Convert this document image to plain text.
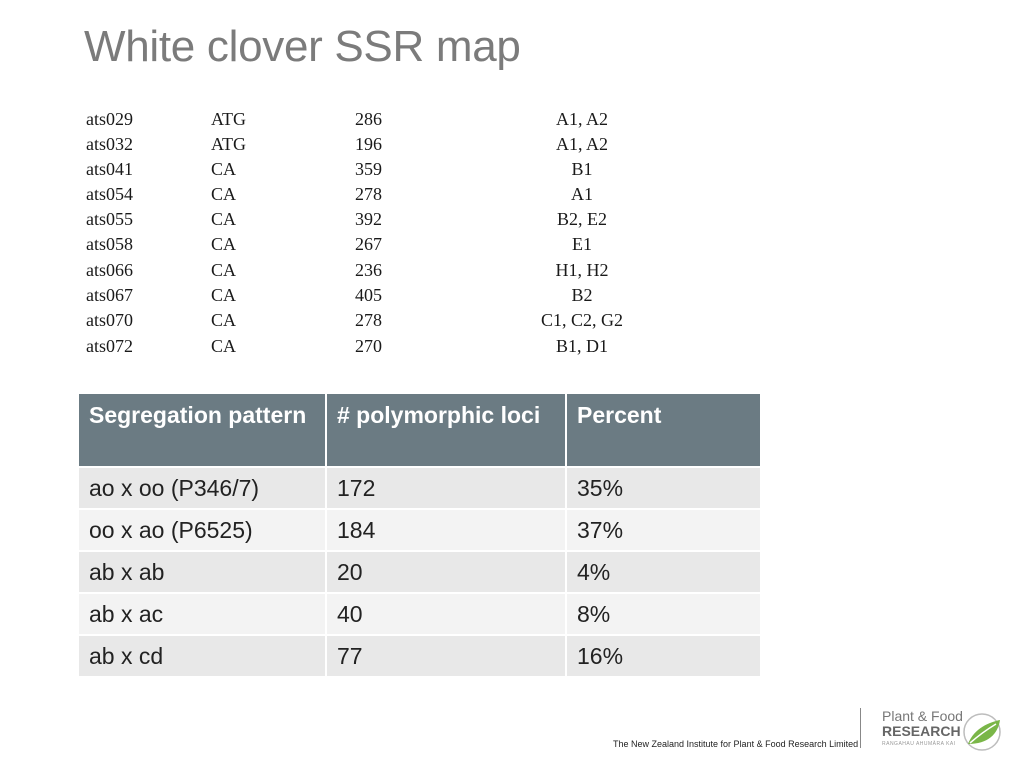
White clover SSR map
ats029	ATG	286	A1, A2
ats032	ATG	196	A1, A2
ats041	CA	359	B1
ats054	CA	278	A1
ats055	CA	392	B2, E2
ats058	CA	267	E1
ats066	CA	236	H1, H2
ats067	CA	405	B2
ats070	CA	278	C1, C2, G2
ats072	CA	270	B1, D1
Segregation pattern	# polymorphic loci	Percent
ao x oo (P346/7)	172	35%
oo x ao (P6525)	184	37%
ab x ab	20	4%
ab x ac	40	8%
ab x cd	77	16%
The New Zealand Institute for Plant & Food Research Limited
Plant & Food
RESEARCH
RANGAHAU AHUMĀRA KAI
